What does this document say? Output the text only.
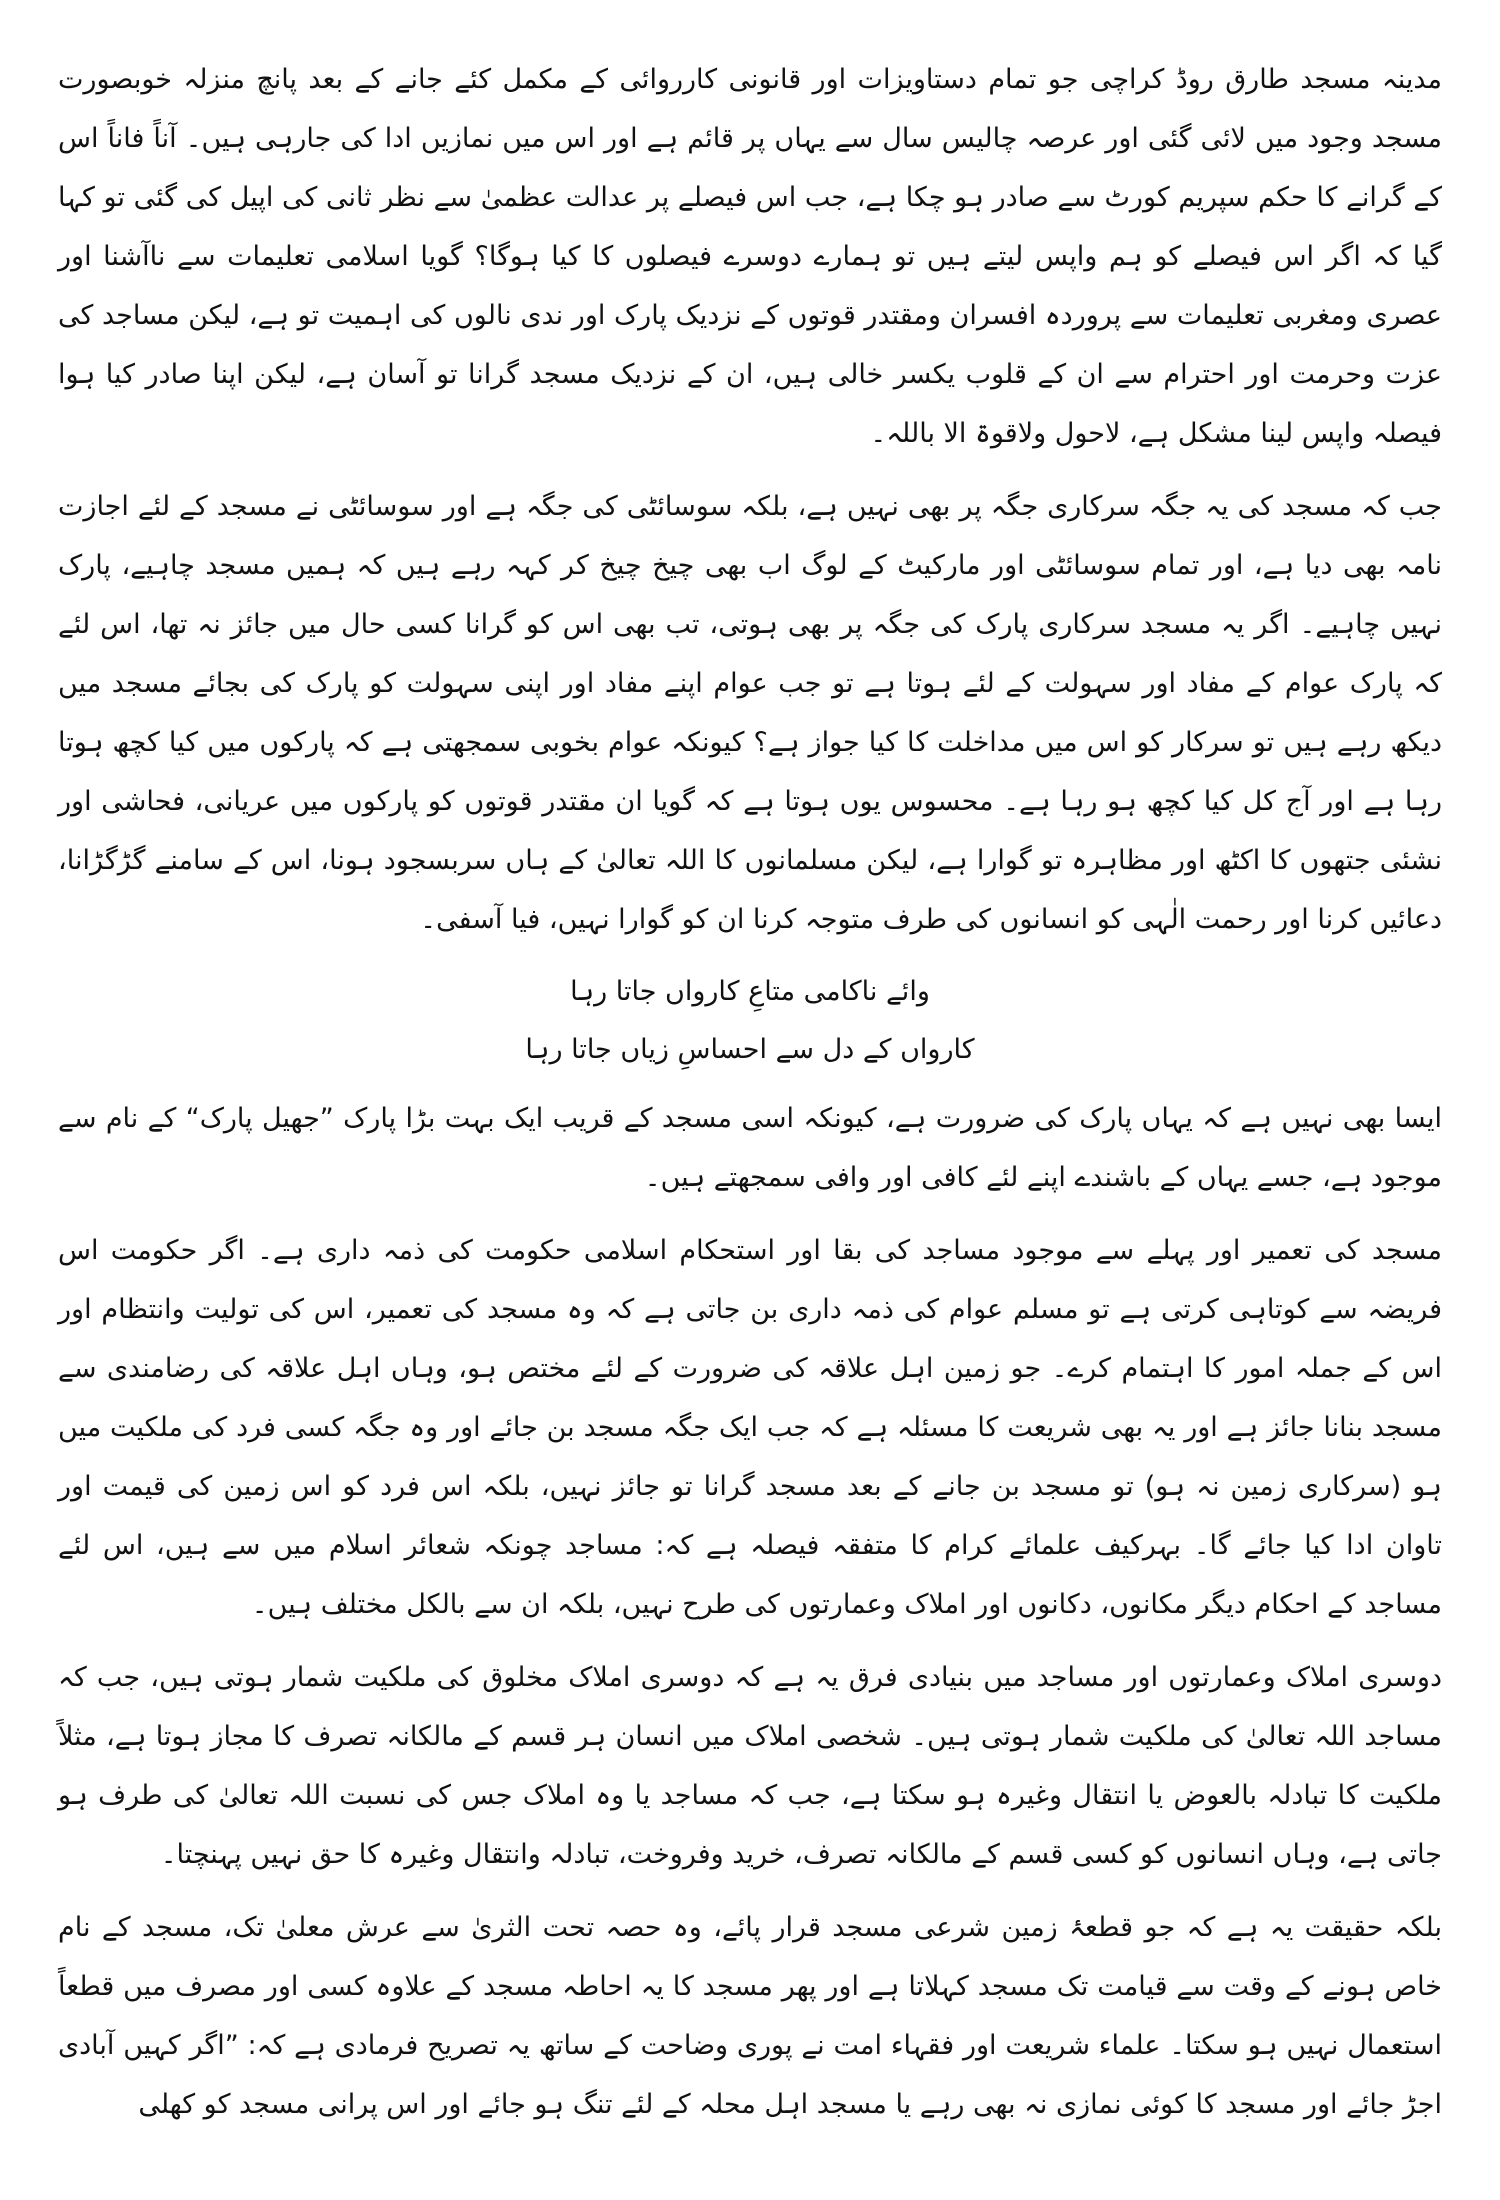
مدینہ مسجد طارق روڈ کراچی جو تمام دستاویزات اور قانونی کارروائی کے مکمل کئے جانے کے بعد پانچ منزلہ خوبصورت مسجد وجود میں لائی گئی اور عرصہ چالیس سال سے یہاں پر قائم ہے اور اس میں نمازیں ادا کی جارہی ہیں۔ آناً فاناً اس کے گرانے کا حکم سپریم کورٹ سے صادر ہو چکا ہے، جب اس فیصلے پر عدالت عظمیٰ سے نظر ثانی کی اپیل کی گئی تو کہا گیا کہ اگر اس فیصلے کو ہم واپس لیتے ہیں تو ہمارے دوسرے فیصلوں کا کیا ہوگا؟ گویا اسلامی تعلیمات سے ناآشنا اور عصری ومغربی تعلیمات سے پروردہ افسران ومقتدر قوتوں کے نزدیک پارک اور ندی نالوں کی اہمیت تو ہے، لیکن مساجد کی عزت وحرمت اور احترام سے ان کے قلوب یکسر خالی ہیں، ان کے نزدیک مسجد گرانا تو آسان ہے، لیکن اپنا صادر کیا ہوا فیصلہ واپس لینا مشکل ہے، لاحول ولاقوۃ الا باللہ۔

جب کہ مسجد کی یہ جگہ سرکاری جگہ پر بھی نہیں ہے، بلکہ سوسائٹی کی جگہ ہے اور سوسائٹی نے مسجد کے لئے اجازت نامہ بھی دیا ہے، اور تمام سوسائٹی اور مارکیٹ کے لوگ اب بھی چیخ چیخ کر کہہ رہے ہیں کہ ہمیں مسجد چاہیے، پارک نہیں چاہیے۔ اگر یہ مسجد سرکاری پارک کی جگہ پر بھی ہوتی، تب بھی اس کو گرانا کسی حال میں جائز نہ تھا، اس لئے کہ پارک عوام کے مفاد اور سہولت کے لئے ہوتا ہے تو جب عوام اپنے مفاد اور اپنی سہولت کو پارک کی بجائے مسجد میں دیکھ رہے ہیں تو سرکار کو اس میں مداخلت کا کیا جواز ہے؟ کیونکہ عوام بخوبی سمجھتی ہے کہ پارکوں میں کیا کچھ ہوتا رہا ہے اور آج کل کیا کچھ ہو رہا ہے۔ محسوس یوں ہوتا ہے کہ گویا ان مقتدر قوتوں کو پارکوں میں عریانی، فحاشی اور نشئی جتھوں کا اکٹھ اور مظاہرہ تو گوارا ہے، لیکن مسلمانوں کا اللہ تعالیٰ کے ہاں سربسجود ہونا، اس کے سامنے گڑگڑانا، دعائیں کرنا اور رحمت الٰہی کو انسانوں کی طرف متوجہ کرنا ان کو گوارا نہیں، فیا آسفی۔

وائے ناکامی متاعِ کارواں جاتا رہا
کارواں کے دل سے احساسِ زیاں جاتا رہا

ایسا بھی نہیں ہے کہ یہاں پارک کی ضرورت ہے، کیونکہ اسی مسجد کے قریب ایک بہت بڑا پارک ”جھیل پارک“ کے نام سے موجود ہے، جسے یہاں کے باشندے اپنے لئے کافی اور وافی سمجھتے ہیں۔

مسجد کی تعمیر اور پہلے سے موجود مساجد کی بقا اور استحکام اسلامی حکومت کی ذمہ داری ہے۔ اگر حکومت اس فریضہ سے کوتاہی کرتی ہے تو مسلم عوام کی ذمہ داری بن جاتی ہے کہ وہ مسجد کی تعمیر، اس کی تولیت وانتظام اور اس کے جملہ امور کا اہتمام کرے۔ جو زمین اہل علاقہ کی ضرورت کے لئے مختص ہو، وہاں اہل علاقہ کی رضامندی سے مسجد بنانا جائز ہے اور یہ بھی شریعت کا مسئلہ ہے کہ جب ایک جگہ مسجد بن جائے اور وہ جگہ کسی فرد کی ملکیت میں ہو (سرکاری زمین نہ ہو) تو مسجد بن جانے کے بعد مسجد گرانا تو جائز نہیں، بلکہ اس فرد کو اس زمین کی قیمت اور تاوان ادا کیا جائے گا۔ بہرکیف علمائے کرام کا متفقہ فیصلہ ہے کہ: مساجد چونکہ شعائر اسلام میں سے ہیں، اس لئے مساجد کے احکام دیگر مکانوں، دکانوں اور املاک وعمارتوں کی طرح نہیں، بلکہ ان سے بالکل مختلف ہیں۔

دوسری املاک وعمارتوں اور مساجد میں بنیادی فرق یہ ہے کہ دوسری املاک مخلوق کی ملکیت شمار ہوتی ہیں، جب کہ مساجد اللہ تعالیٰ کی ملکیت شمار ہوتی ہیں۔ شخصی املاک میں انسان ہر قسم کے مالکانہ تصرف کا مجاز ہوتا ہے، مثلاً ملکیت کا تبادلہ بالعوض یا انتقال وغیرہ ہو سکتا ہے، جب کہ مساجد یا وہ املاک جس کی نسبت اللہ تعالیٰ کی طرف ہو جاتی ہے، وہاں انسانوں کو کسی قسم کے مالکانہ تصرف، خرید وفروخت، تبادلہ وانتقال وغیرہ کا حق نہیں پہنچتا۔

بلکہ حقیقت یہ ہے کہ جو قطعۂ زمین شرعی مسجد قرار پائے، وہ حصہ تحت الثریٰ سے عرش معلیٰ تک، مسجد کے نام خاص ہونے کے وقت سے قیامت تک مسجد کہلاتا ہے اور پھر مسجد کا یہ احاطہ مسجد کے علاوہ کسی اور مصرف میں قطعاً استعمال نہیں ہو سکتا۔ علماء شریعت اور فقہاء امت نے پوری وضاحت کے ساتھ یہ تصریح فرمادی ہے کہ: ”اگر کہیں آبادی اجڑ جائے اور مسجد کا کوئی نمازی نہ بھی رہے یا مسجد اہل محلہ کے لئے تنگ ہو جائے اور اس پرانی مسجد کو کھلی
